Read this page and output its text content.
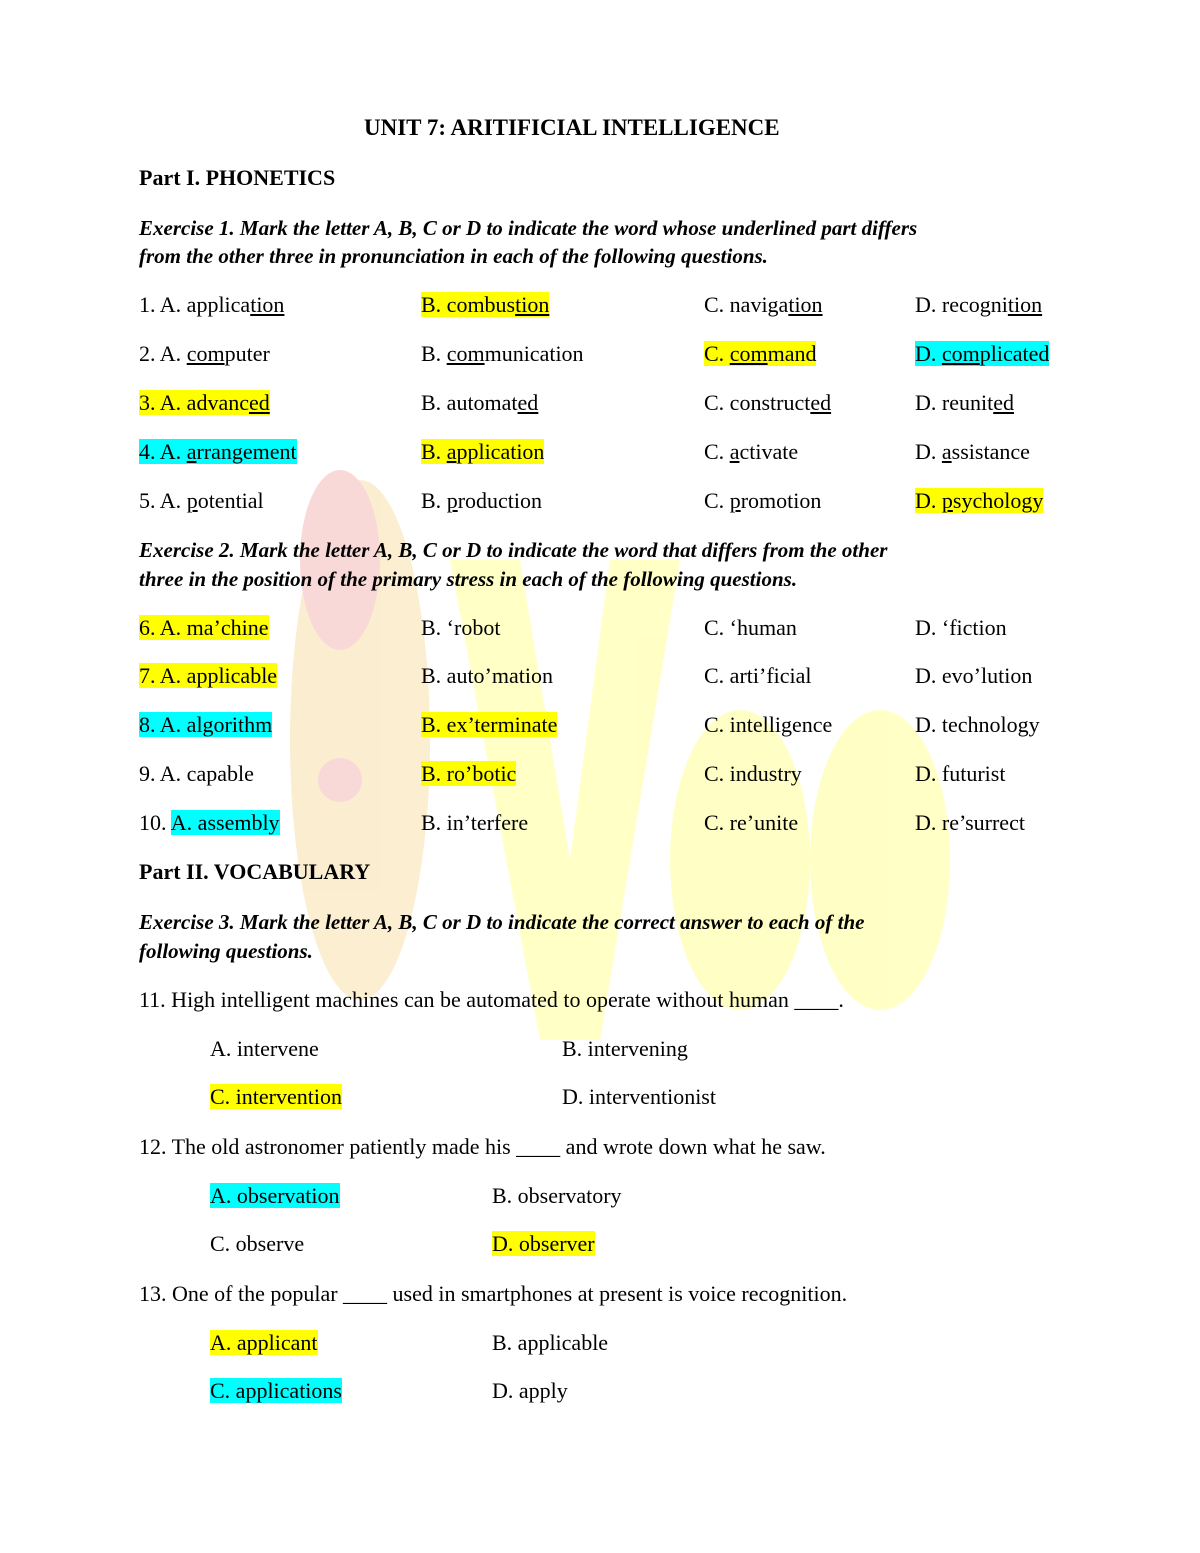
UNIT 7: ARITIFICIAL INTELLIGENCE
Part I. PHONETICS
Exercise 1. Mark the letter A, B, C or D to indicate the word whose underlined part differs
from the other three in pronunciation in each of the following questions.
1. A. application	B. combustion	C. navigation	D. recognition
2. A. computer	B. communication	C. command	D. complicated
3. A. advanced	B. automated	C. constructed	D. reunited
4. A. arrangement	B. application	C. activate	D. assistance
5. A. potential	B. production	C. promotion	D. psychology
Exercise 2. Mark the letter A, B, C or D to indicate the word that differs from the other
three in the position of the primary stress in each of the following questions.
6. A. ma’chine	B. ‘robot	C. ‘human	D. ‘fiction
7. A. applicable	B. auto’mation	C. arti’ficial	D. evo’lution
8. A. algorithm	B. ex’terminate	C. intelligence	D. technology
9. A. capable	B. ro’botic	C. industry	D. futurist
10. A. assembly	B. in’terfere	C. re’unite	D. re’surrect
Part II. VOCABULARY
Exercise 3. Mark the letter A, B, C or D to indicate the correct answer to each of the
following questions.
11. High intelligent machines can be automated to operate without human ____.
A. intervene	B. intervening
C. intervention	D. interventionist
12. The old astronomer patiently made his ____ and wrote down what he saw.
A. observation	B. observatory
C. observe	D. observer
13. One of the popular ____ used in smartphones at present is voice recognition.
A. applicant	B. applicable
C. applications	D. apply
